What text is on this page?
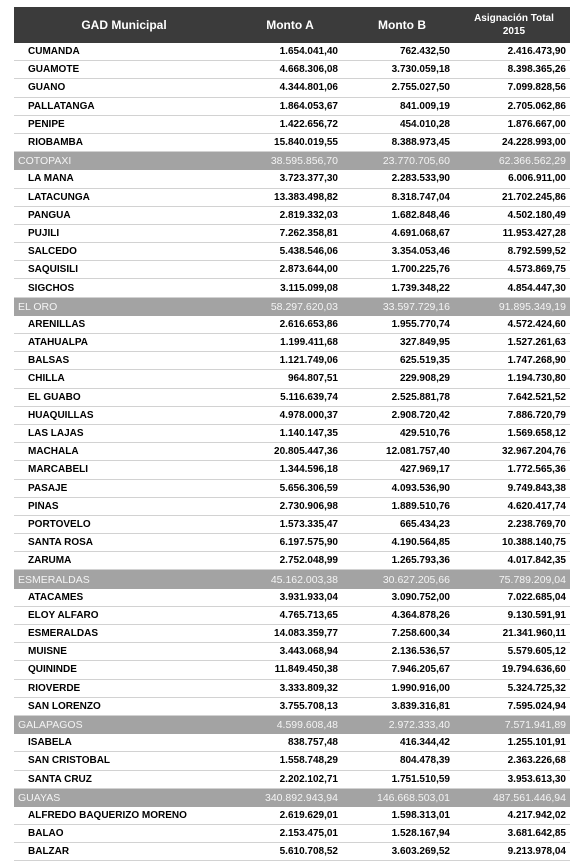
GAD Municipal	Monto A	Monto B	Asignación Total
2015
CUMANDA	1.654.041,40	762.432,50	2.416.473,90
GUAMOTE	4.668.306,08	3.730.059,18	8.398.365,26
GUANO	4.344.801,06	2.755.027,50	7.099.828,56
PALLATANGA	1.864.053,67	841.009,19	2.705.062,86
PENIPE	1.422.656,72	454.010,28	1.876.667,00
RIOBAMBA	15.840.019,55	8.388.973,45	24.228.993,00
COTOPAXI	38.595.856,70	23.770.705,60	62.366.562,29
LA MANA	3.723.377,30	2.283.533,90	6.006.911,00
LATACUNGA	13.383.498,82	8.318.747,04	21.702.245,86
PANGUA	2.819.332,03	1.682.848,46	4.502.180,49
PUJILI	7.262.358,81	4.691.068,67	11.953.427,28
SALCEDO	5.438.546,06	3.354.053,46	8.792.599,52
SAQUISILI	2.873.644,00	1.700.225,76	4.573.869,75
SIGCHOS	3.115.099,08	1.739.348,22	4.854.447,30
EL ORO	58.297.620,03	33.597.729,16	91.895.349,19
ARENILLAS	2.616.653,86	1.955.770,74	4.572.424,60
ATAHUALPA	1.199.411,68	327.849,95	1.527.261,63
BALSAS	1.121.749,06	625.519,35	1.747.268,90
CHILLA	964.807,51	229.908,29	1.194.730,80
EL GUABO	5.116.639,74	2.525.881,78	7.642.521,52
HUAQUILLAS	4.978.000,37	2.908.720,42	7.886.720,79
LAS LAJAS	1.140.147,35	429.510,76	1.569.658,12
MACHALA	20.805.447,36	12.081.757,40	32.967.204,76
MARCABELI	1.344.596,18	427.969,17	1.772.565,36
PASAJE	5.656.306,59	4.093.536,90	9.749.843,38
PIÑAS	2.730.906,98	1.889.510,76	4.620.417,74
PORTOVELO	1.573.335,47	665.434,23	2.238.769,70
SANTA ROSA	6.197.575,90	4.190.564,85	10.388.140,75
ZARUMA	2.752.048,99	1.265.793,36	4.017.842,35
ESMERALDAS	45.162.003,38	30.627.205,66	75.789.209,04
ATACAMES	3.931.933,04	3.090.752,00	7.022.685,04
ELOY ALFARO	4.765.713,65	4.364.878,26	9.130.591,91
ESMERALDAS	14.083.359,77	7.258.600,34	21.341.960,11
MUISNE	3.443.068,94	2.136.536,57	5.579.605,12
QUININDE	11.849.450,38	7.946.205,67	19.794.636,60
RIOVERDE	3.333.809,32	1.990.916,00	5.324.725,32
SAN LORENZO	3.755.708,13	3.839.316,81	7.595.024,94
GALAPAGOS	4.599.608,48	2.972.333,40	7.571.941,89
ISABELA	838.757,48	416.344,42	1.255.101,91
SAN CRISTOBAL	1.558.748,29	804.478,39	2.363.226,68
SANTA CRUZ	2.202.102,71	1.751.510,59	3.953.613,30
GUAYAS	340.892.943,94	146.668.503,01	487.561.446,94
ALFREDO BAQUERIZO MORENO	2.619.629,01	1.598.313,01	4.217.942,02
BALAO	2.153.475,01	1.528.167,94	3.681.642,85
BALZAR	5.610.708,52	3.603.269,52	9.213.978,04
